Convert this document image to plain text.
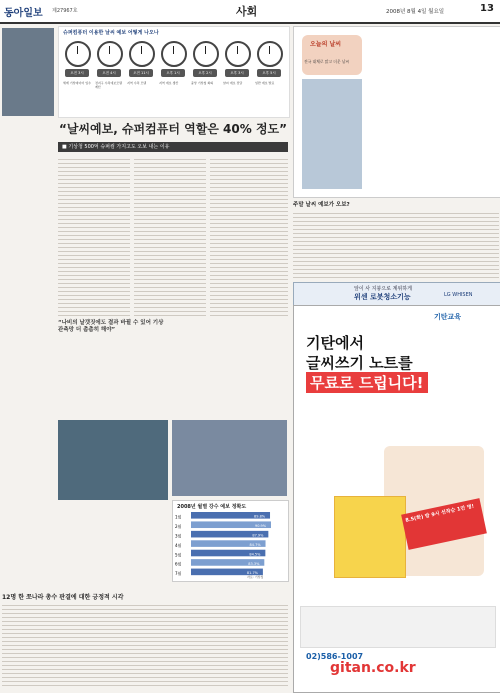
동아일보 제27967호	사회	2008년 8월 4일 월요일	13
슈퍼컴퓨터 이용한 날씨 예보 어떻게 나오나
오전 3시	오전 4시	오전 11시	오후 1시	오후 2시	오후 3시	오후 5시
세계 기상데이터 입수 전지구 수치예보모델 계산
지역 수치 모델	지역 예보 생산	중앙 기상청 회의	날씨 예보 전달	일반 예보 발표
오늘의 날씨
전국 대체로 맑고 더운 날씨
“날씨예보, 슈퍼컴퓨터 역할은 40% 정도”
■ 기상청 500억 슈퍼컴 가지고도 오보 내는 이유
“나비의 날갯짓에도 결과 바뀔 수 있어 기상 관측망 더 촘촘히 해야”
주말 날씨 예보가 오보?
앞이 사 지붕으로 계위하게
위센 로봇청소기능	LG WHISEN
2008년 월별 강수 예보 정확도
1월	89.8%
2월	90.9%
3월	87.9%
4월	84.7%
5월	84.5%
6월	83.3%
7월	81.7%
자료: 기상청
12명 한 쪼나라 총수 판결에 대한 긍정적 시각
기탄교육
기탄에서
글씨쓰기 노트를
무료로 드립니다!
8.5(화) 밤 9시 선착순 1만 명!
02)586-1007
gitan.co.kr
